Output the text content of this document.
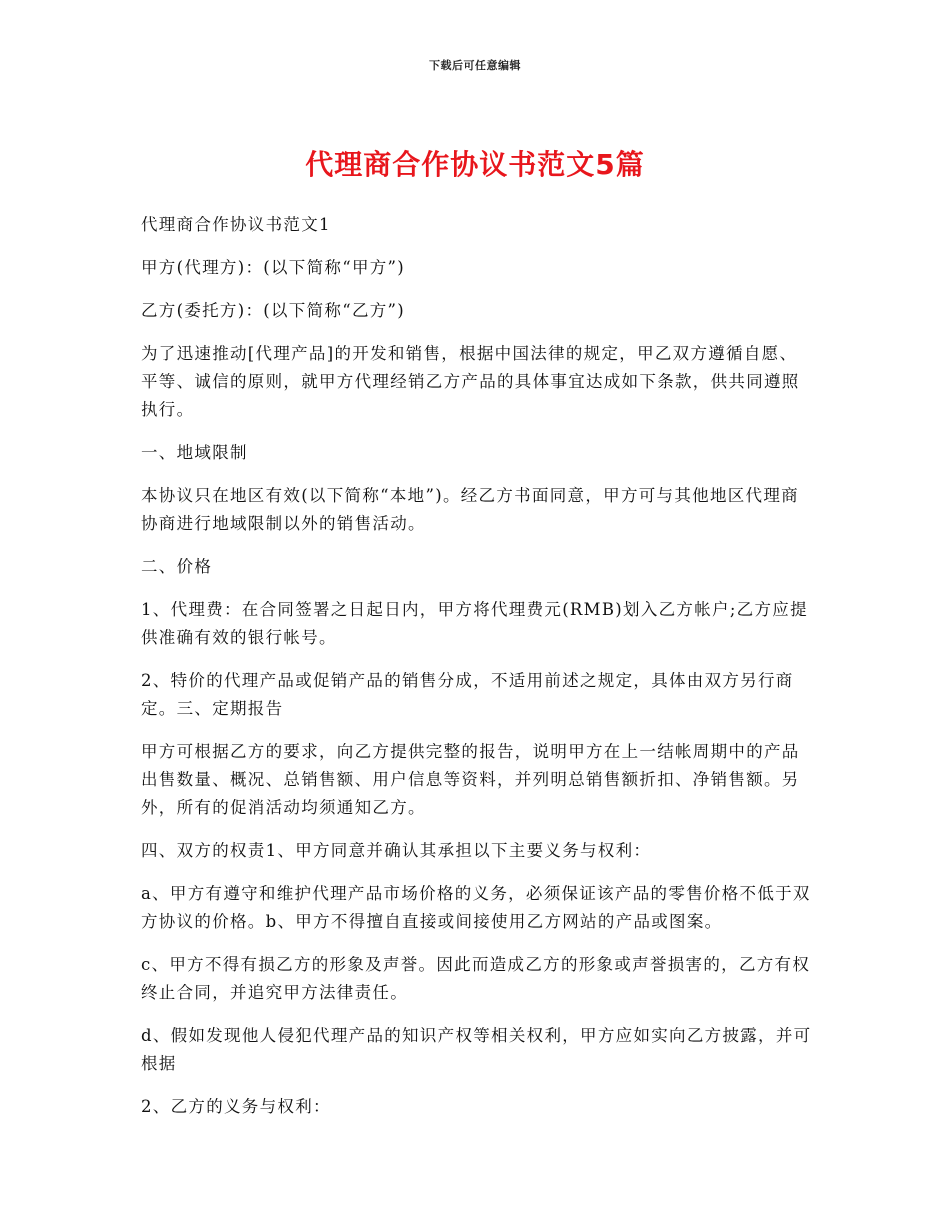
下载后可任意编辑
代理商合作协议书范文5篇

代理商合作协议书范文1

甲方(代理方)：(以下简称“甲方”)

乙方(委托方)：(以下简称“乙方”)

为了迅速推动[代理产品]的开发和销售，根据中国法律的规定，甲乙双方遵循自愿、平等、诚信的原则，就甲方代理经销乙方产品的具体事宜达成如下条款，供共同遵照执行。

一、地域限制

本协议只在地区有效(以下简称“本地”)。经乙方书面同意，甲方可与其他地区代理商协商进行地域限制以外的销售活动。

二、价格

1、代理费：在合同签署之日起日内，甲方将代理费元(RMB)划入乙方帐户;乙方应提供准确有效的银行帐号。

2、特价的代理产品或促销产品的销售分成，不适用前述之规定，具体由双方另行商定。三、定期报告

甲方可根据乙方的要求，向乙方提供完整的报告，说明甲方在上一结帐周期中的产品出售数量、概况、总销售额、用户信息等资料，并列明总销售额折扣、净销售额。另外，所有的促消活动均须通知乙方。

四、双方的权责1、甲方同意并确认其承担以下主要义务与权利：

a、甲方有遵守和维护代理产品市场价格的义务，必须保证该产品的零售价格不低于双方协议的价格。b、甲方不得擅自直接或间接使用乙方网站的产品或图案。

c、甲方不得有损乙方的形象及声誉。因此而造成乙方的形象或声誉损害的，乙方有权终止合同，并追究甲方法律责任。

d、假如发现他人侵犯代理产品的知识产权等相关权利，甲方应如实向乙方披露，并可根据

2、乙方的义务与权利：
